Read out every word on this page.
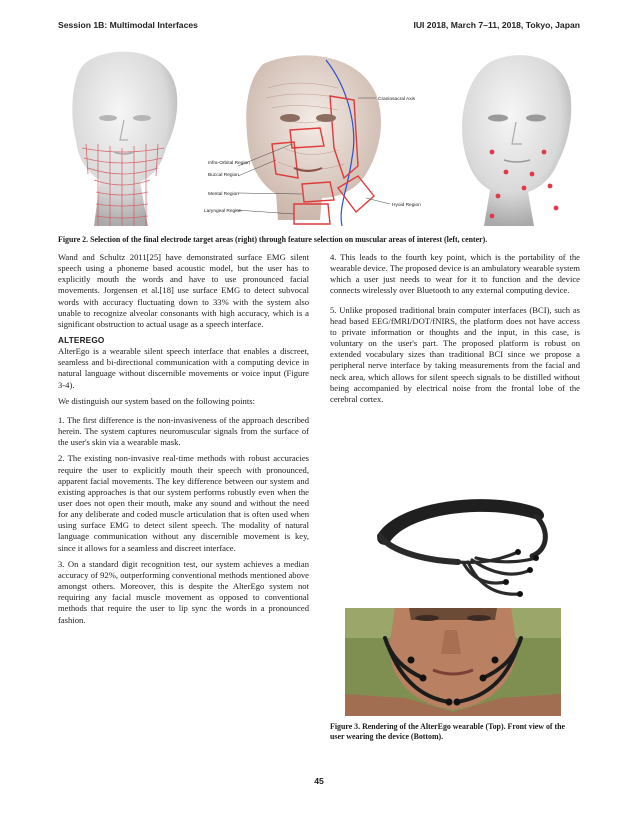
Session 1B: Multimodal Interfaces	IUI 2018, March 7–11, 2018, Tokyo, Japan
Craniosacral Axis
Infra-Orbital Region
Buccal Region
Mental Region
Laryngeal Region
Hyoid Region
Figure 2. Selection of the final electrode target areas (right) through feature selection on muscular areas of interest (left, center).

Wand and Schultz 2011[25] have demonstrated surface EMG silent speech using a phoneme based acoustic model, but the user has to explicitly mouth the words and have to use pronounced facial movements. Jorgensen et al.[18] use surface EMG to detect subvocal words with accuracy fluctuating down to 33% with the system also unable to recognize alveolar consonants with high accuracy, which is a significant obstruction to actual usage as a speech interface.

ALTEREGO

AlterEgo is a wearable silent speech interface that enables a discreet, seamless and bi-directional communication with a computing device in natural language without discernible movements or voice input (Figure 3-4).

We distinguish our system based on the following points:

1. The first difference is the non-invasiveness of the approach described herein. The system captures neuromuscular signals from the surface of the user's skin via a wearable mask.

2. The existing non-invasive real-time methods with robust accuracies require the user to explicitly mouth their speech with pronounced, apparent facial movements. The key difference between our system and existing approaches is that our system performs robustly even when the user does not open their mouth, make any sound and without the need for any deliberate and coded muscle articulation that is often used when using surface EMG to detect silent speech. The modality of natural language communication without any discernible movement is key, since it allows for a seamless and discreet interface.

3. On a standard digit recognition test, our system achieves a median accuracy of 92%, outperforming conventional methods mentioned above amongst others. Moreover, this is despite the AlterEgo system not requiring any facial muscle movement as opposed to conventional methods that require the user to lip sync the words in a pronounced fashion.

4. This leads to the fourth key point, which is the portability of the wearable device. The proposed device is an ambulatory wearable system which a user just needs to wear for it to function and the device connects wirelessly over Bluetooth to any external computing device.

5. Unlike proposed traditional brain computer interfaces (BCI), such as head based EEG/fMRI/DOT/fNIRS, the platform does not have access to private information or thoughts and the input, in this case, is voluntary on the user's part. The proposed platform is robust on extended vocabulary sizes than traditional BCI since we propose a peripheral nerve interface by taking measurements from the facial and neck area, which allows for silent speech signals to be distilled without being accompanied by electrical noise from the frontal lobe of the cerebral cortex.

Figure 3. Rendering of the AlterEgo wearable (Top). Front view of the user wearing the device (Bottom).
45
